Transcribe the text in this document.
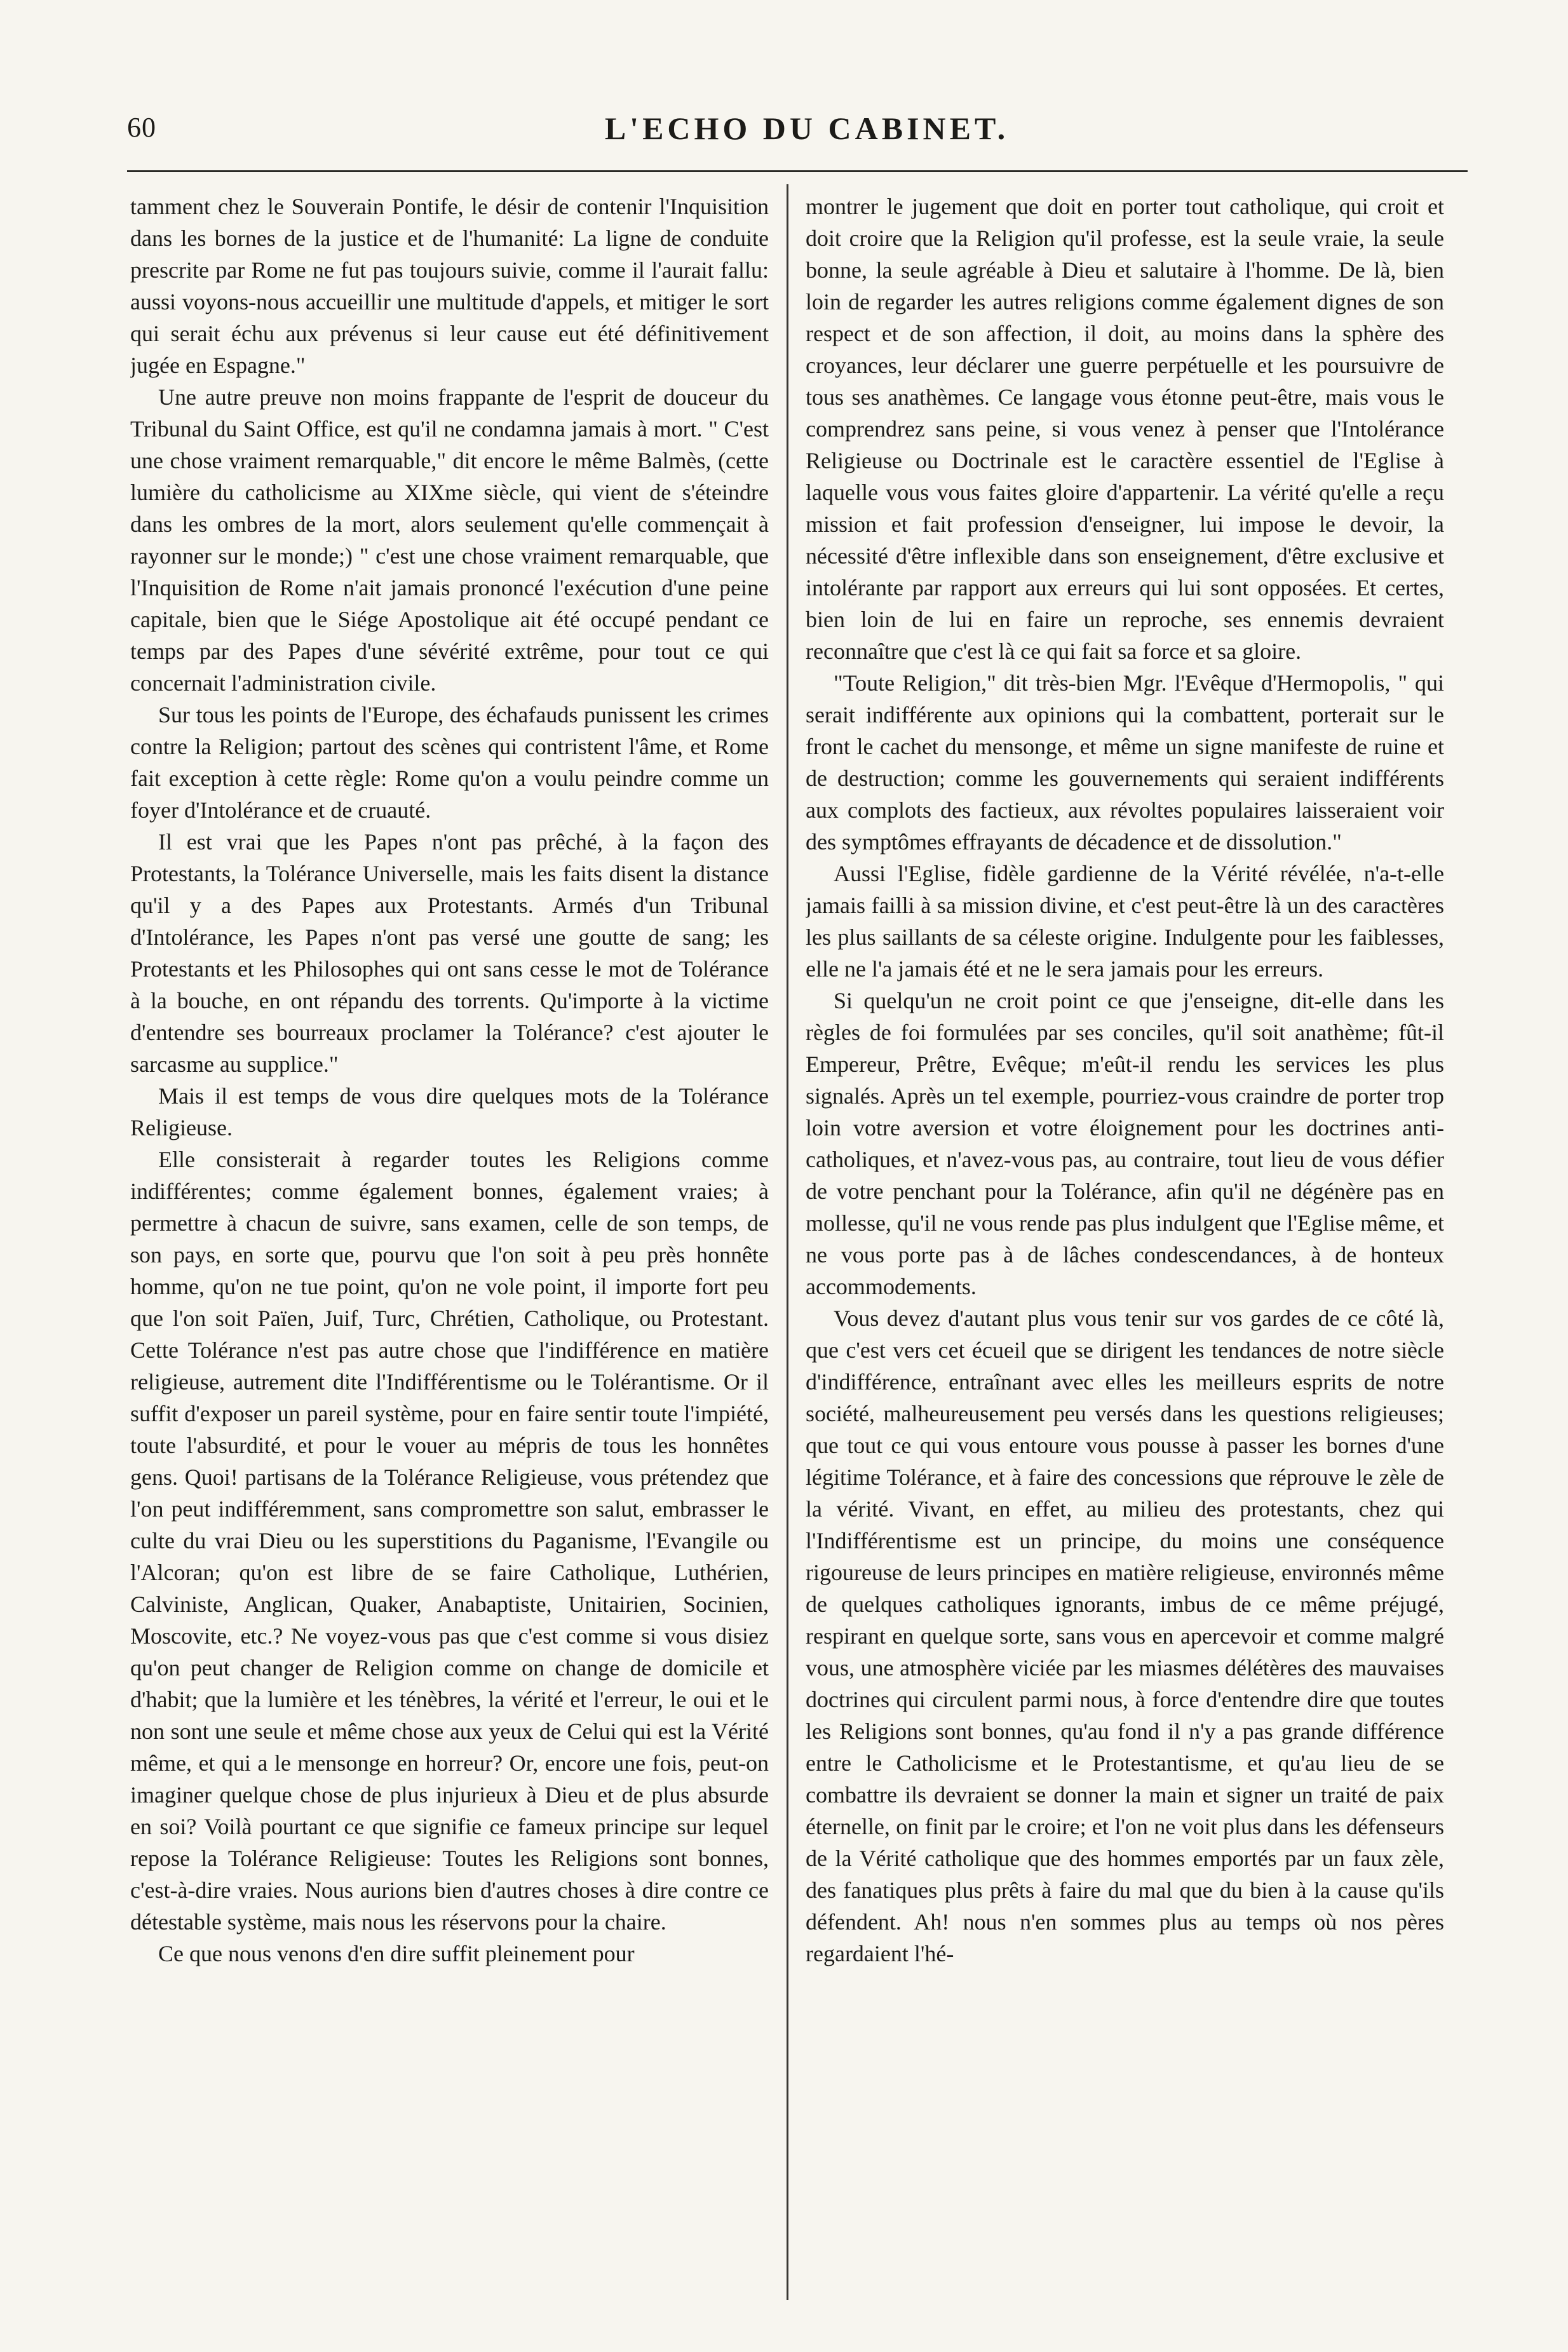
60	L'ECHO DU CABINET.

tamment chez le Souverain Pontife, le désir de contenir l'Inquisition dans les bornes de la justice et de l'humanité: La ligne de conduite prescrite par Rome ne fut pas toujours suivie, comme il l'aurait fallu: aussi voyons-nous accueillir une multitude d'appels, et mitiger le sort qui serait échu aux prévenus si leur cause eut été définitivement jugée en Espagne."

Une autre preuve non moins frappante de l'esprit de douceur du Tribunal du Saint Office, est qu'il ne condamna jamais à mort. " C'est une chose vraiment remarquable," dit encore le même Balmès, (cette lumière du catholicisme au XIXme siècle, qui vient de s'éteindre dans les ombres de la mort, alors seulement qu'elle commençait à rayonner sur le monde;) " c'est une chose vraiment remarquable, que l'Inquisition de Rome n'ait jamais prononcé l'exécution d'une peine capitale, bien que le Siége Apostolique ait été occupé pendant ce temps par des Papes d'une sévérité extrême, pour tout ce qui concernait l'administration civile.

Sur tous les points de l'Europe, des échafauds punissent les crimes contre la Religion; partout des scènes qui contristent l'âme, et Rome fait exception à cette règle: Rome qu'on a voulu peindre comme un foyer d'Intolérance et de cruauté.

Il est vrai que les Papes n'ont pas prêché, à la façon des Protestants, la Tolérance Universelle, mais les faits disent la distance qu'il y a des Papes aux Protestants. Armés d'un Tribunal d'Intolérance, les Papes n'ont pas versé une goutte de sang; les Protestants et les Philosophes qui ont sans cesse le mot de Tolérance à la bouche, en ont répandu des torrents. Qu'importe à la victime d'entendre ses bourreaux proclamer la Tolérance? c'est ajouter le sarcasme au supplice."

Mais il est temps de vous dire quelques mots de la Tolérance Religieuse.

Elle consisterait à regarder toutes les Religions comme indifférentes; comme également bonnes, également vraies; à permettre à chacun de suivre, sans examen, celle de son temps, de son pays, en sorte que, pourvu que l'on soit à peu près honnête homme, qu'on ne tue point, qu'on ne vole point, il importe fort peu que l'on soit Païen, Juif, Turc, Chrétien, Catholique, ou Protestant. Cette Tolérance n'est pas autre chose que l'indifférence en matière religieuse, autrement dite l'Indifférentisme ou le Tolérantisme. Or il suffit d'exposer un pareil système, pour en faire sentir toute l'impiété, toute l'absurdité, et pour le vouer au mépris de tous les honnêtes gens. Quoi! partisans de la Tolérance Religieuse, vous prétendez que l'on peut indifféremment, sans compromettre son salut, embrasser le culte du vrai Dieu ou les superstitions du Paganisme, l'Evangile ou l'Alcoran; qu'on est libre de se faire Catholique, Luthérien, Calviniste, Anglican, Quaker, Anabaptiste, Unitairien, Socinien, Moscovite, etc.? Ne voyez-vous pas que c'est comme si vous disiez qu'on peut changer de Religion comme on change de domicile et d'habit; que la lumière et les ténèbres, la vérité et l'erreur, le oui et le non sont une seule et même chose aux yeux de Celui qui est la Vérité même, et qui a le mensonge en horreur? Or, encore une fois, peut-on imaginer quelque chose de plus injurieux à Dieu et de plus absurde en soi? Voilà pourtant ce que signifie ce fameux principe sur lequel repose la Tolérance Religieuse: Toutes les Religions sont bonnes, c'est-à-dire vraies. Nous aurions bien d'autres choses à dire contre ce détestable système, mais nous les réservons pour la chaire.

Ce que nous venons d'en dire suffit pleinement pour

montrer le jugement que doit en porter tout catholique, qui croit et doit croire que la Religion qu'il professe, est la seule vraie, la seule bonne, la seule agréable à Dieu et salutaire à l'homme. De là, bien loin de regarder les autres religions comme également dignes de son respect et de son affection, il doit, au moins dans la sphère des croyances, leur déclarer une guerre perpétuelle et les poursuivre de tous ses anathèmes. Ce langage vous étonne peut-être, mais vous le comprendrez sans peine, si vous venez à penser que l'Intolérance Religieuse ou Doctrinale est le caractère essentiel de l'Eglise à laquelle vous vous faites gloire d'appartenir. La vérité qu'elle a reçu mission et fait profession d'enseigner, lui impose le devoir, la nécessité d'être inflexible dans son enseignement, d'être exclusive et intolérante par rapport aux erreurs qui lui sont opposées. Et certes, bien loin de lui en faire un reproche, ses ennemis devraient reconnaître que c'est là ce qui fait sa force et sa gloire.

"Toute Religion," dit très-bien Mgr. l'Evêque d'Hermopolis, " qui serait indifférente aux opinions qui la combattent, porterait sur le front le cachet du mensonge, et même un signe manifeste de ruine et de destruction; comme les gouvernements qui seraient indifférents aux complots des factieux, aux révoltes populaires laisseraient voir des symptômes effrayants de décadence et de dissolution."

Aussi l'Eglise, fidèle gardienne de la Vérité révélée, n'a-t-elle jamais failli à sa mission divine, et c'est peut-être là un des caractères les plus saillants de sa céleste origine. Indulgente pour les faiblesses, elle ne l'a jamais été et ne le sera jamais pour les erreurs.

Si quelqu'un ne croit point ce que j'enseigne, dit-elle dans les règles de foi formulées par ses conciles, qu'il soit anathème; fût-il Empereur, Prêtre, Evêque; m'eût-il rendu les services les plus signalés. Après un tel exemple, pourriez-vous craindre de porter trop loin votre aversion et votre éloignement pour les doctrines anti-catholiques, et n'avez-vous pas, au contraire, tout lieu de vous défier de votre penchant pour la Tolérance, afin qu'il ne dégénère pas en mollesse, qu'il ne vous rende pas plus indulgent que l'Eglise même, et ne vous porte pas à de lâches condescendances, à de honteux accommodements.

Vous devez d'autant plus vous tenir sur vos gardes de ce côté là, que c'est vers cet écueil que se dirigent les tendances de notre siècle d'indifférence, entraînant avec elles les meilleurs esprits de notre société, malheureusement peu versés dans les questions religieuses; que tout ce qui vous entoure vous pousse à passer les bornes d'une légitime Tolérance, et à faire des concessions que réprouve le zèle de la vérité. Vivant, en effet, au milieu des protestants, chez qui l'Indifférentisme est un principe, du moins une conséquence rigoureuse de leurs principes en matière religieuse, environnés même de quelques catholiques ignorants, imbus de ce même préjugé, respirant en quelque sorte, sans vous en apercevoir et comme malgré vous, une atmosphère viciée par les miasmes délétères des mauvaises doctrines qui circulent parmi nous, à force d'entendre dire que toutes les Religions sont bonnes, qu'au fond il n'y a pas grande différence entre le Catholicisme et le Protestantisme, et qu'au lieu de se combattre ils devraient se donner la main et signer un traité de paix éternelle, on finit par le croire; et l'on ne voit plus dans les défenseurs de la Vérité catholique que des hommes emportés par un faux zèle, des fanatiques plus prêts à faire du mal que du bien à la cause qu'ils défendent. Ah! nous n'en sommes plus au temps où nos pères regardaient l'hé-
